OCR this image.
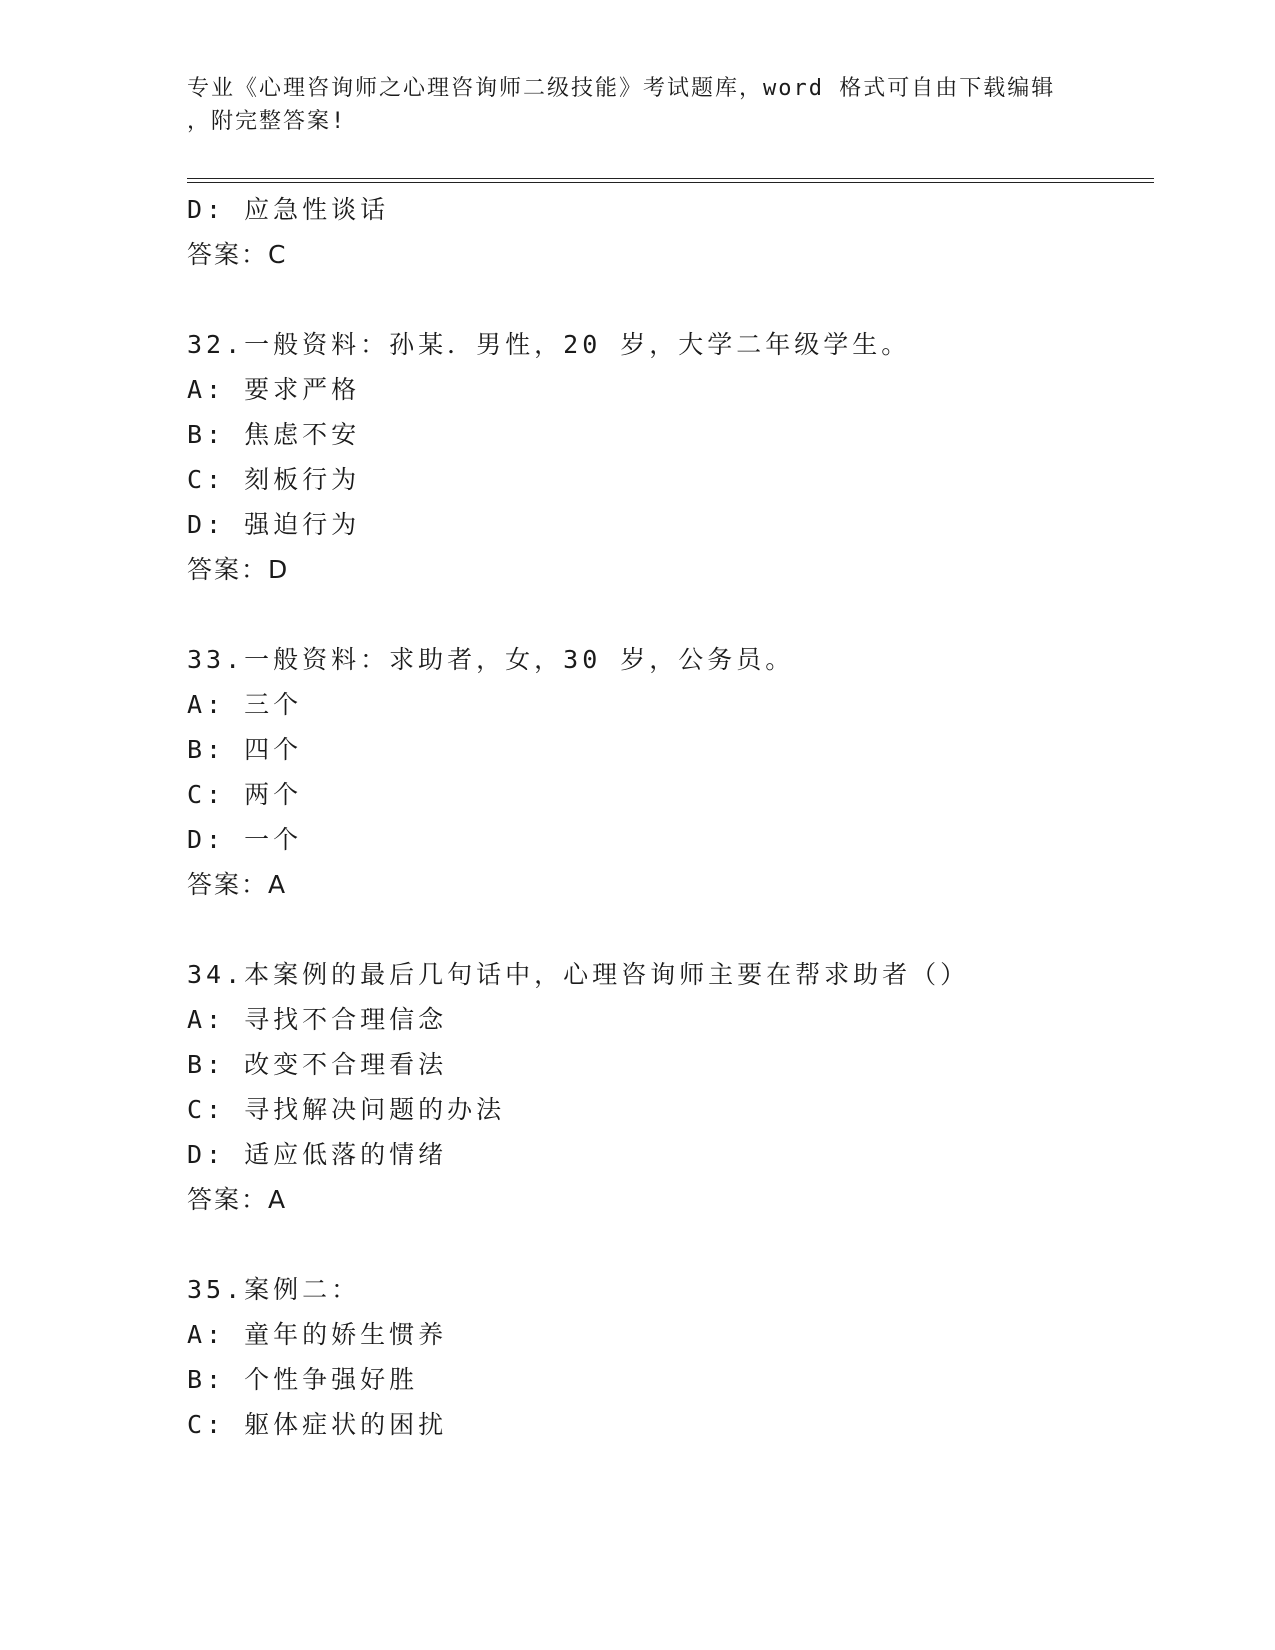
专业《心理咨询师之心理咨询师二级技能》考试题库，word 格式可自由下载编辑
，附完整答案!
D: 应急性谈话
答案：C
32.一般资料：孙某．男性，20 岁，大学二年级学生。
A: 要求严格
B: 焦虑不安
C: 刻板行为
D: 强迫行为
答案：D
33.一般资料：求助者，女，30 岁，公务员。
A: 三个
B: 四个
C: 两个
D: 一个
答案：A
34.本案例的最后几句话中，心理咨询师主要在帮求助者（）
A: 寻找不合理信念
B: 改变不合理看法
C: 寻找解决问题的办法
D: 适应低落的情绪
答案：A
35.案例二：
A: 童年的娇生惯养
B: 个性争强好胜
C: 躯体症状的困扰
